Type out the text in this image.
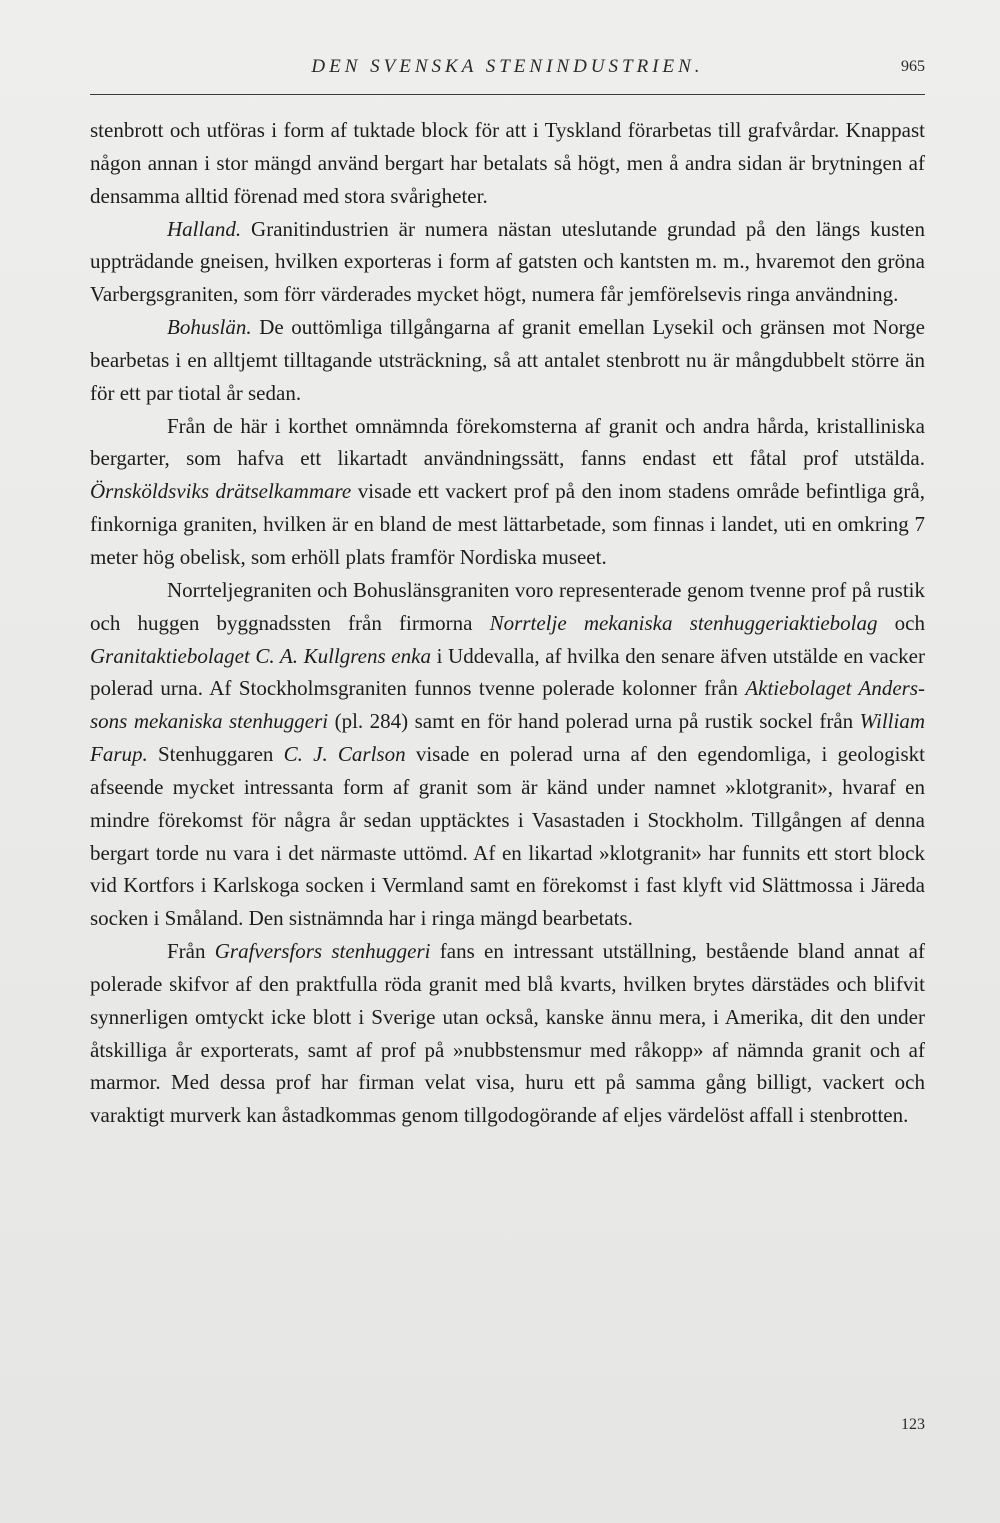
DEN SVENSKA STENINDUSTRIEN.	965

stenbrott och utföras i form af tuktade block för att i Tyskland förarbetas till grafvårdar. Knappast någon annan i stor mängd använd bergart har betalats så högt, men å andra sidan är brytningen af densamma alltid förenad med stora svårigheter.

Halland. Granitindustrien är numera nästan uteslutande grundad på den längs kusten uppträdande gneisen, hvilken exporteras i form af gatsten och kantsten m. m., hvaremot den gröna Varbergsgraniten, som förr värderades mycket högt, numera får jemförelsevis ringa användning.

Bohuslän. De outtömliga tillgångarna af granit emellan Lysekil och gränsen mot Norge bearbetas i en alltjemt tilltagande utsträckning, så att antalet stenbrott nu är mångdubbelt större än för ett par tiotal år sedan.

Från de här i korthet omnämnda förekomsterna af granit och andra hårda, kristalliniska bergarter, som hafva ett likartadt användningssätt, fanns endast ett fåtal prof utstälda. Örnsköldsviks drätselkammare visade ett vackert prof på den inom stadens område befintliga grå, finkorniga graniten, hvilken är en bland de mest lättarbetade, som finnas i landet, uti en omkring 7 meter hög obelisk, som erhöll plats framför Nordiska museet.

Norrteljegraniten och Bohuslänsgraniten voro representerade genom tvenne prof på rustik och huggen byggnadssten från firmorna Norrtelje mekaniska stenhuggeriaktiebolag och Granitaktiebolaget C. A. Kullgrens enka i Uddevalla, af hvilka den senare äfven utstälde en vacker polerad urna. Af Stockholmsgraniten funnos tvenne polerade kolonner från Aktiebolaget Anderssons mekaniska stenhuggeri (pl. 284) samt en för hand polerad urna på rustik sockel från William Farup. Stenhuggaren C. J. Carlson visade en polerad urna af den egendomliga, i geologiskt afseende mycket intressanta form af granit som är känd under namnet »klotgranit», hvaraf en mindre förekomst för några år sedan upptäcktes i Vasastaden i Stockholm. Tillgången af denna bergart torde nu vara i det närmaste uttömd. Af en likartad »klotgranit» har funnits ett stort block vid Kortfors i Karlskoga socken i Vermland samt en förekomst i fast klyft vid Slättmossa i Järeda socken i Småland. Den sistnämnda har i ringa mängd bearbetats.

Från Grafversfors stenhuggeri fans en intressant utställning, bestående bland annat af polerade skifvor af den praktfulla röda granit med blå kvarts, hvilken brytes därstädes och blifvit synnerligen omtyckt icke blott i Sverige utan också, kanske ännu mera, i Amerika, dit den under åtskilliga år exporterats, samt af prof på »nubbstensmur med råkopp» af nämnda granit och af marmor. Med dessa prof har firman velat visa, huru ett på samma gång billigt, vackert och varaktigt murverk kan åstadkommas genom tillgodogörande af eljes värdelöst affall i stenbrotten.

123
